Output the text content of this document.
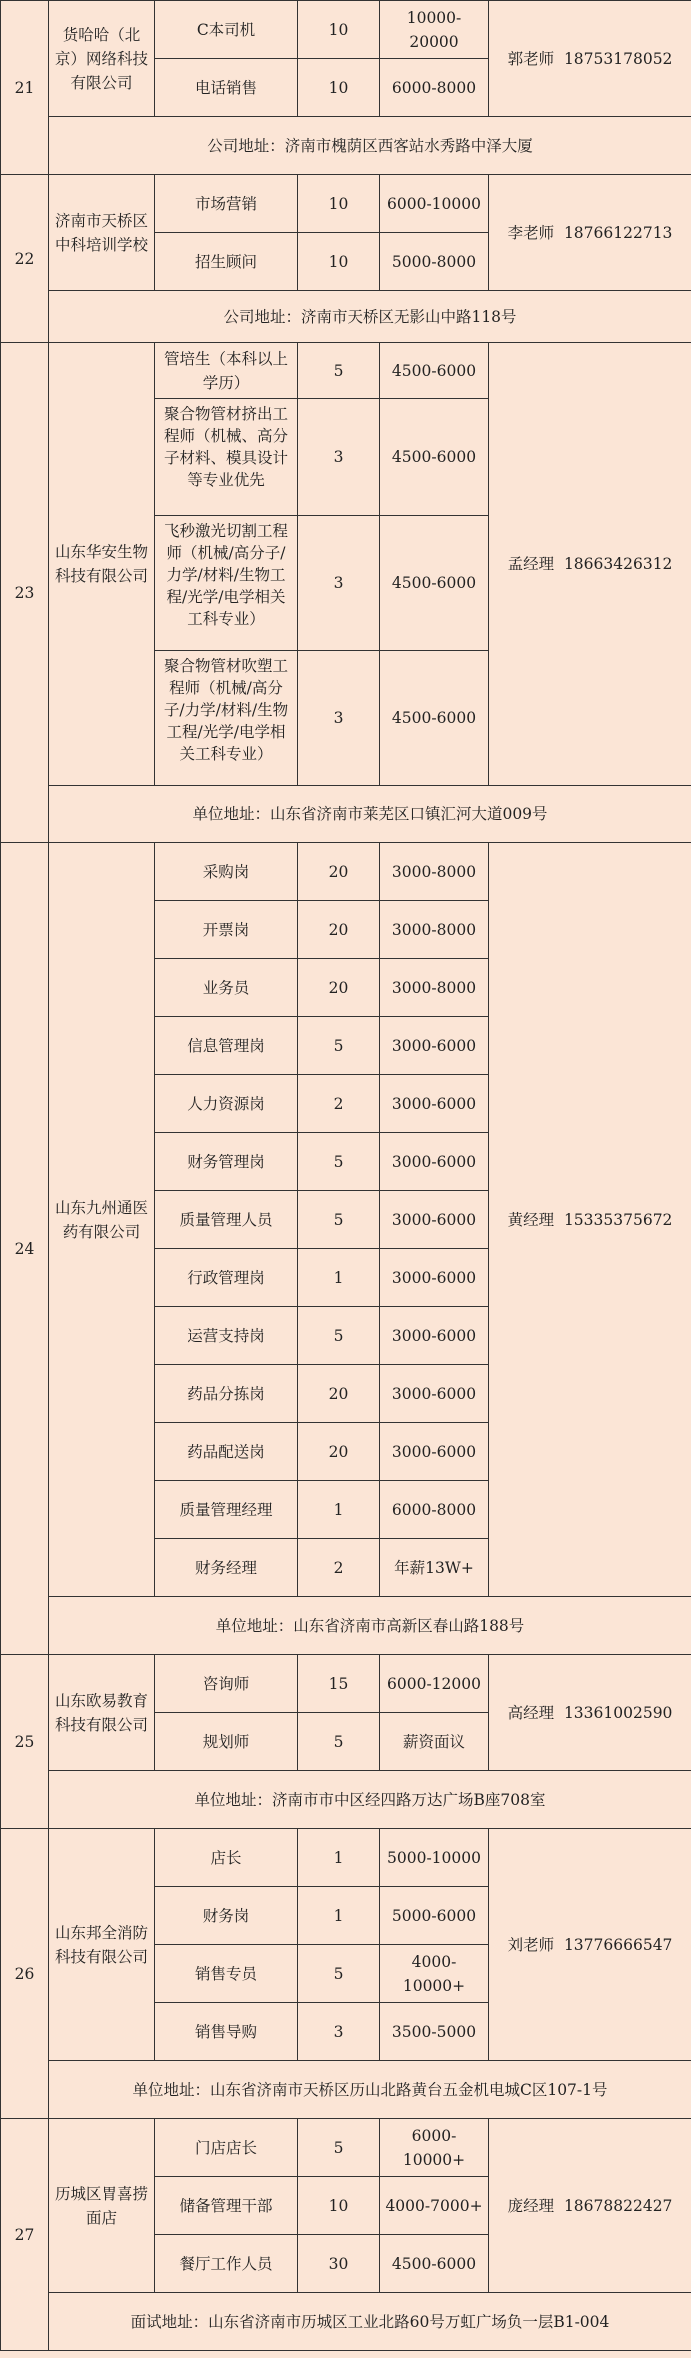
21	货哈哈（北京）网络科技有限公司	C本司机	10	10000-20000	郭老师 18753178052
		电话销售	10	6000-8000	
	公司地址：济南市槐荫区西客站水秀路中泽大厦				
22	济南市天桥区中科培训学校	市场营销	10	6000-10000	李老师 18766122713
		招生顾问	10	5000-8000	
	公司地址：济南市天桥区无影山中路118号				
23	山东华安生物科技有限公司	管培生（本科以上学历）	5	4500-6000	孟经理 18663426312
		聚合物管材挤出工程师（机械、高分子材料、模具设计等专业优先	3	4500-6000	
		飞秒激光切割工程师（机械/高分子/力学/材料/生物工程/光学/电学相关工科专业）	3	4500-6000	
		聚合物管材吹塑工程师（机械/高分子/力学/材料/生物工程/光学/电学相关工科专业）	3	4500-6000	
	单位地址：山东省济南市莱芜区口镇汇河大道009号				
24	山东九州通医药有限公司	采购岗	20	3000-8000	黄经理 15335375672
		开票岗	20	3000-8000	
		业务员	20	3000-8000	
		信息管理岗	5	3000-6000	
		人力资源岗	2	3000-6000	
		财务管理岗	5	3000-6000	
		质量管理人员	5	3000-6000	
		行政管理岗	1	3000-6000	
		运营支持岗	5	3000-6000	
		药品分拣岗	20	3000-6000	
		药品配送岗	20	3000-6000	
		质量管理经理	1	6000-8000	
		财务经理	2	年薪13W+	
	单位地址：山东省济南市高新区春山路188号				
25	山东欧易教育科技有限公司	咨询师	15	6000-12000	高经理 13361002590
		规划师	5	薪资面议	
	单位地址：济南市市中区经四路万达广场B座708室				
26	山东邦全消防科技有限公司	店长	1	5000-10000	刘老师 13776666547
		财务岗	1	5000-6000	
		销售专员	5	4000-10000+	
		销售导购	3	3500-5000	
	单位地址：山东省济南市天桥区历山北路黄台五金机电城C区107-1号				
27	历城区胃喜捞面店	门店店长	5	6000-10000+	庞经理 18678822427
		储备管理干部	10	4000-7000+	
		餐厅工作人员	30	4500-6000	
	面试地址：山东省济南市历城区工业北路60号万虹广场负一层B1-004				
